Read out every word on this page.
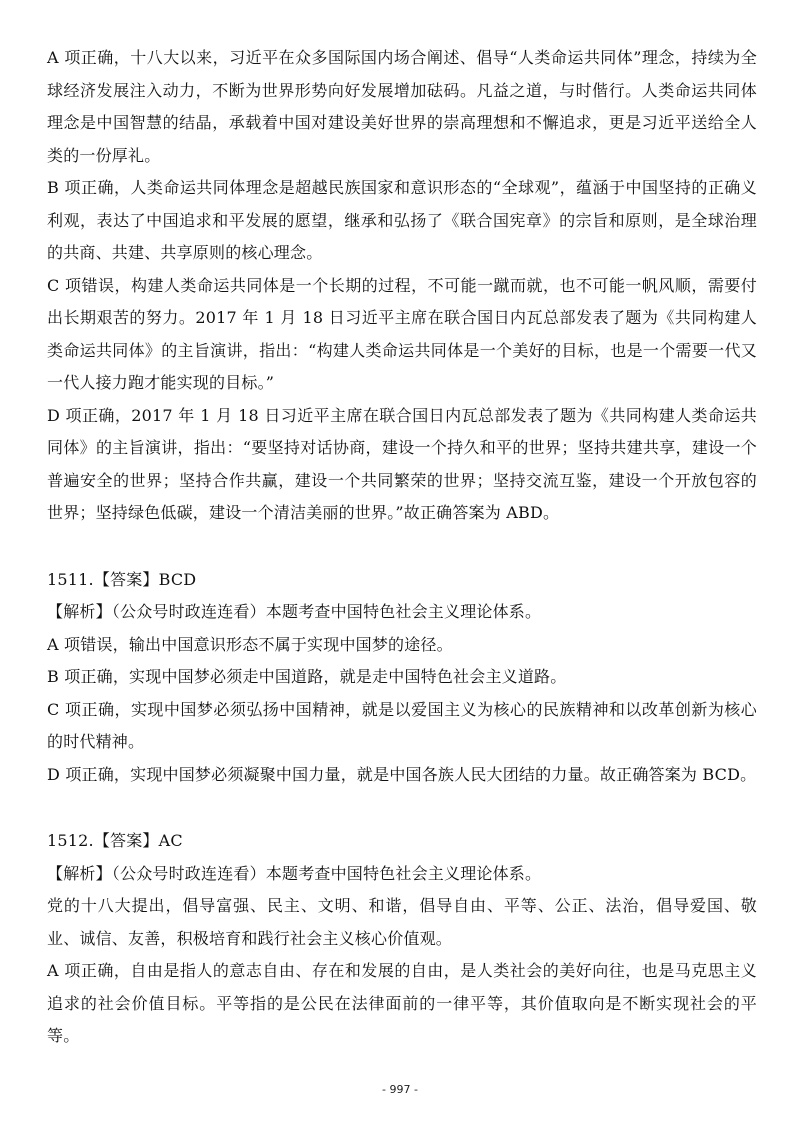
A 项正确，十八大以来，习近平在众多国际国内场合阐述、倡导“人类命运共同体”理念，持续为全球经济发展注入动力，不断为世界形势向好发展增加砝码。凡益之道，与时偕行。人类命运共同体理念是中国智慧的结晶，承载着中国对建设美好世界的崇高理想和不懈追求，更是习近平送给全人类的一份厚礼。

B 项正确，人类命运共同体理念是超越民族国家和意识形态的“全球观”，蕴涵于中国坚持的正确义利观，表达了中国追求和平发展的愿望，继承和弘扬了《联合国宪章》的宗旨和原则，是全球治理的共商、共建、共享原则的核心理念。

C 项错误，构建人类命运共同体是一个长期的过程，不可能一蹴而就，也不可能一帆风顺，需要付出长期艰苦的努力。2017 年 1 月 18 日习近平主席在联合国日内瓦总部发表了题为《共同构建人类命运共同体》的主旨演讲，指出：“构建人类命运共同体是一个美好的目标，也是一个需要一代又一代人接力跑才能实现的目标。”

D 项正确，2017 年 1 月 18 日习近平主席在联合国日内瓦总部发表了题为《共同构建人类命运共同体》的主旨演讲，指出：“要坚持对话协商，建设一个持久和平的世界；坚持共建共享，建设一个普遍安全的世界；坚持合作共赢，建设一个共同繁荣的世界；坚持交流互鉴，建设一个开放包容的世界；坚持绿色低碳，建设一个清洁美丽的世界。”故正确答案为 ABD。

1511.【答案】BCD

【解析】（公众号时政连连看）本题考查中国特色社会主义理论体系。

A 项错误，输出中国意识形态不属于实现中国梦的途径。

B 项正确，实现中国梦必须走中国道路，就是走中国特色社会主义道路。

C 项正确，实现中国梦必须弘扬中国精神，就是以爱国主义为核心的民族精神和以改革创新为核心的时代精神。

D 项正确，实现中国梦必须凝聚中国力量，就是中国各族人民大团结的力量。故正确答案为 BCD。

1512.【答案】AC

【解析】（公众号时政连连看）本题考查中国特色社会主义理论体系。

党的十八大提出，倡导富强、民主、文明、和谐，倡导自由、平等、公正、法治，倡导爱国、敬业、诚信、友善，积极培育和践行社会主义核心价值观。

A 项正确，自由是指人的意志自由、存在和发展的自由，是人类社会的美好向往，也是马克思主义追求的社会价值目标。平等指的是公民在法律面前的一律平等，其价值取向是不断实现社会的平等。

- 997 -
